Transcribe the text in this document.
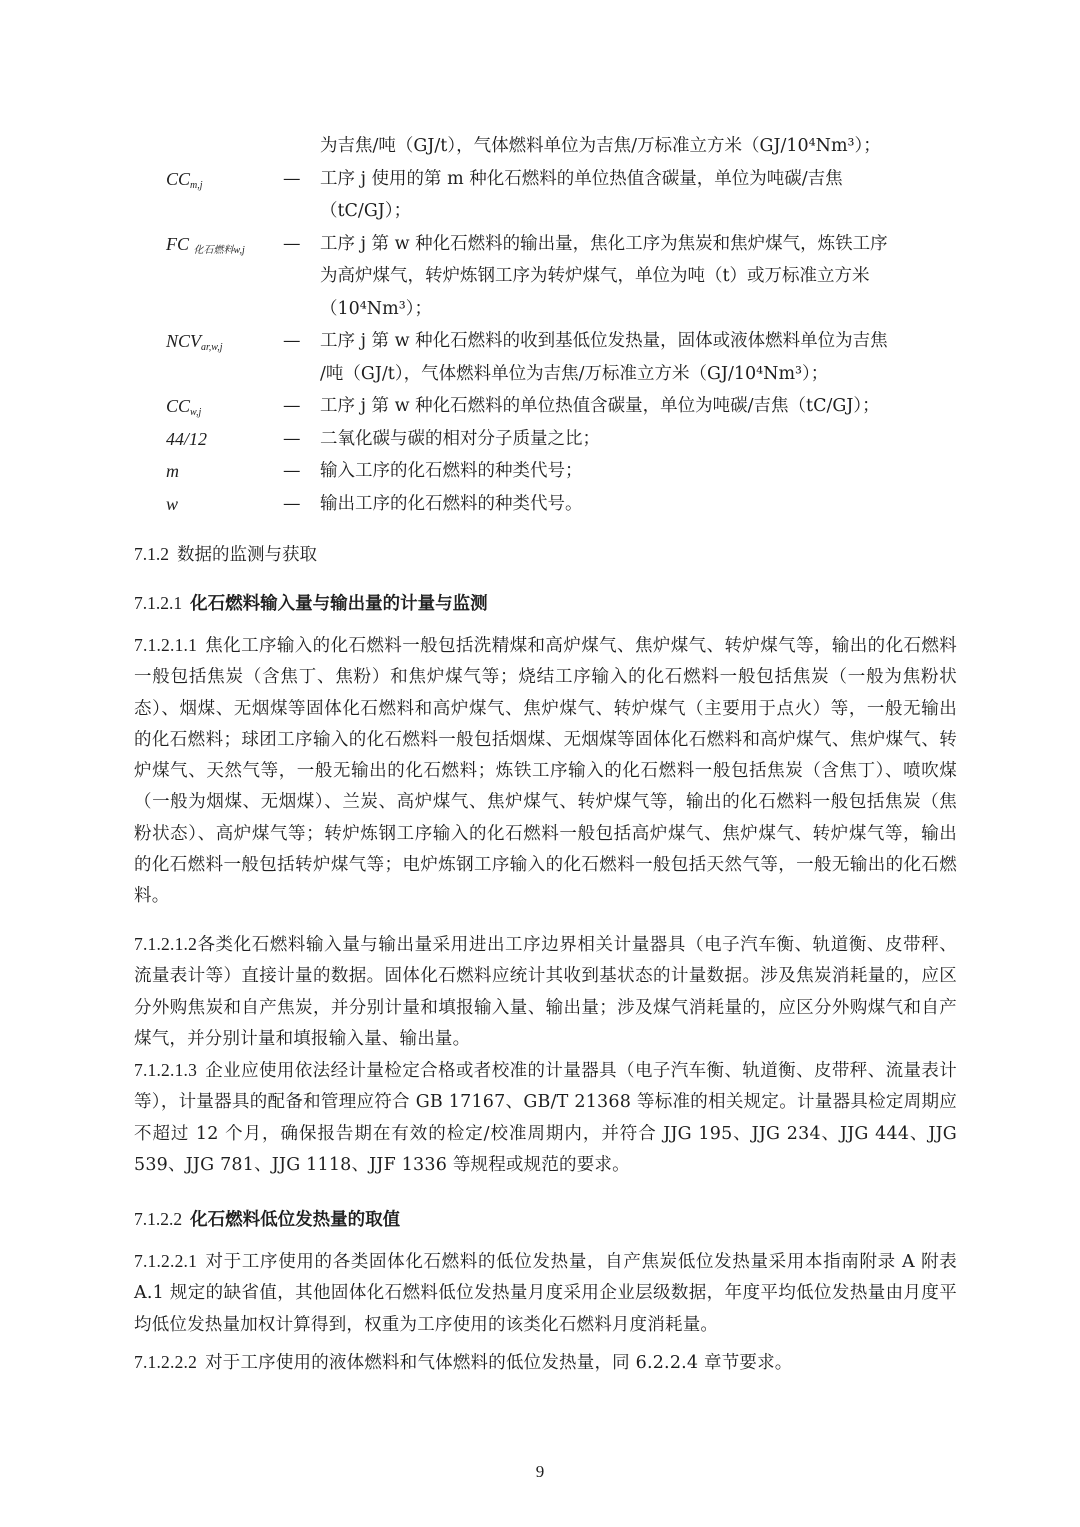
为吉焦/吨（GJ/t），气体燃料单位为吉焦/万标准立方米（GJ/10⁴Nm³）；
$CC_{m,j}$	— 工序 j 使用的第 m 种化石燃料的单位热值含碳量，单位为吨碳/吉焦
（tC/GJ）；
FC $_{化石燃料w,j}$	— 工序 j 第 w 种化石燃料的输出量，焦化工序为焦炭和焦炉煤气，炼铁工序
为高炉煤气，转炉炼钢工序为转炉煤气，单位为吨（t）或万标准立方米
（10⁴Nm³）；
$NCV_{ar,w,j}$	— 工序 j 第 w 种化石燃料的收到基低位发热量，固体或液体燃料单位为吉焦
/吨（GJ/t），气体燃料单位为吉焦/万标准立方米（GJ/10⁴Nm³）；
$CC_{w,j}$	— 工序 j 第 w 种化石燃料的单位热值含碳量，单位为吨碳/吉焦（tC/GJ）；
44/12	— 二氧化碳与碳的相对分子质量之比；
m	— 输入工序的化石燃料的种类代号；
w	— 输出工序的化石燃料的种类代号。
7.1.2 数据的监测与获取
7.1.2.1 化石燃料输入量与输出量的计量与监测
7.1.2.1.1 焦化工序输入的化石燃料一般包括洗精煤和高炉煤气、焦炉煤气、转炉煤气等，输出的化石燃料一般包括焦炭（含焦丁、焦粉）和焦炉煤气等；烧结工序输入的化石燃料一般包括焦炭（一般为焦粉状态）、烟煤、无烟煤等固体化石燃料和高炉煤气、焦炉煤气、转炉煤气（主要用于点火）等，一般无输出的化石燃料；球团工序输入的化石燃料一般包括烟煤、无烟煤等固体化石燃料和高炉煤气、焦炉煤气、转炉煤气、天然气等，一般无输出的化石燃料；炼铁工序输入的化石燃料一般包括焦炭（含焦丁）、喷吹煤（一般为烟煤、无烟煤）、兰炭、高炉煤气、焦炉煤气、转炉煤气等，输出的化石燃料一般包括焦炭（焦粉状态）、高炉煤气等；转炉炼钢工序输入的化石燃料一般包括高炉煤气、焦炉煤气、转炉煤气等，输出的化石燃料一般包括转炉煤气等；电炉炼钢工序输入的化石燃料一般包括天然气等，一般无输出的化石燃料。
7.1.2.1.2各类化石燃料输入量与输出量采用进出工序边界相关计量器具（电子汽车衡、轨道衡、皮带秤、流量表计等）直接计量的数据。固体化石燃料应统计其收到基状态的计量数据。涉及焦炭消耗量的，应区分外购焦炭和自产焦炭，并分别计量和填报输入量、输出量；涉及煤气消耗量的，应区分外购煤气和自产煤气，并分别计量和填报输入量、输出量。
7.1.2.1.3 企业应使用依法经计量检定合格或者校准的计量器具（电子汽车衡、轨道衡、皮带秤、流量表计等），计量器具的配备和管理应符合 GB 17167、GB/T 21368 等标准的相关规定。计量器具检定周期应不超过 12 个月，确保报告期在有效的检定/校准周期内，并符合 JJG 195、JJG 234、JJG 444、JJG 539、JJG 781、JJG 1118、JJF 1336 等规程或规范的要求。
7.1.2.2 化石燃料低位发热量的取值
7.1.2.2.1 对于工序使用的各类固体化石燃料的低位发热量，自产焦炭低位发热量采用本指南附录 A 附表 A.1 规定的缺省值，其他固体化石燃料低位发热量月度采用企业层级数据，年度平均低位发热量由月度平均低位发热量加权计算得到，权重为工序使用的该类化石燃料月度消耗量。
7.1.2.2.2 对于工序使用的液体燃料和气体燃料的低位发热量，同 6.2.2.4 章节要求。
9
